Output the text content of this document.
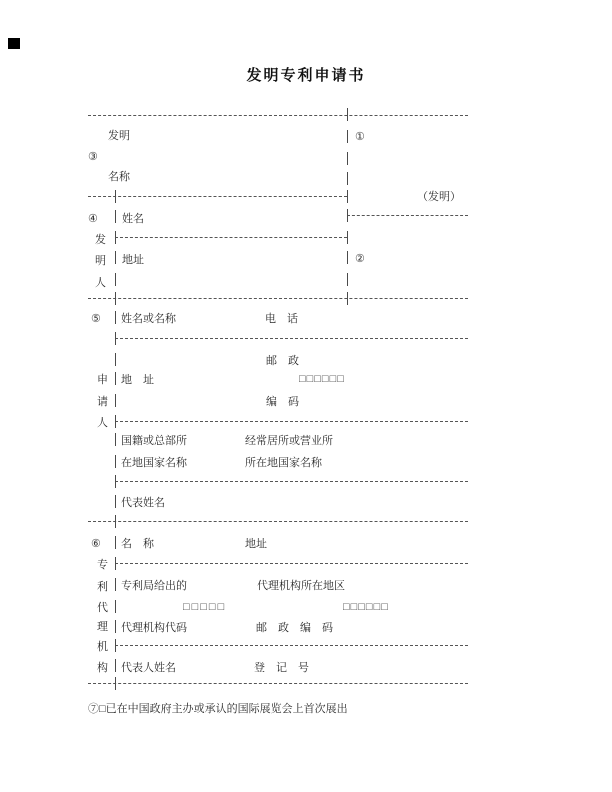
发明专利申请书
发明
③
名称
①
（发明）
④ 姓名
发
明 地址	②
人
⑤ 姓名或名称	电　话
邮　政
申 地　址	□□□□□□
请	编　码
人
国籍或总部所	经常居所或营业所
在地国家名称	所在地国家名称
代表姓名
⑥ 名　称	地址
专
利 专利局给出的	代理机构所在地区
代	□□□□□	□□□□□□
理 代理机构代码	邮　政　编　码
机
构 代表人姓名	登　记　号
⑦□已在中国政府主办或承认的国际展览会上首次展出
